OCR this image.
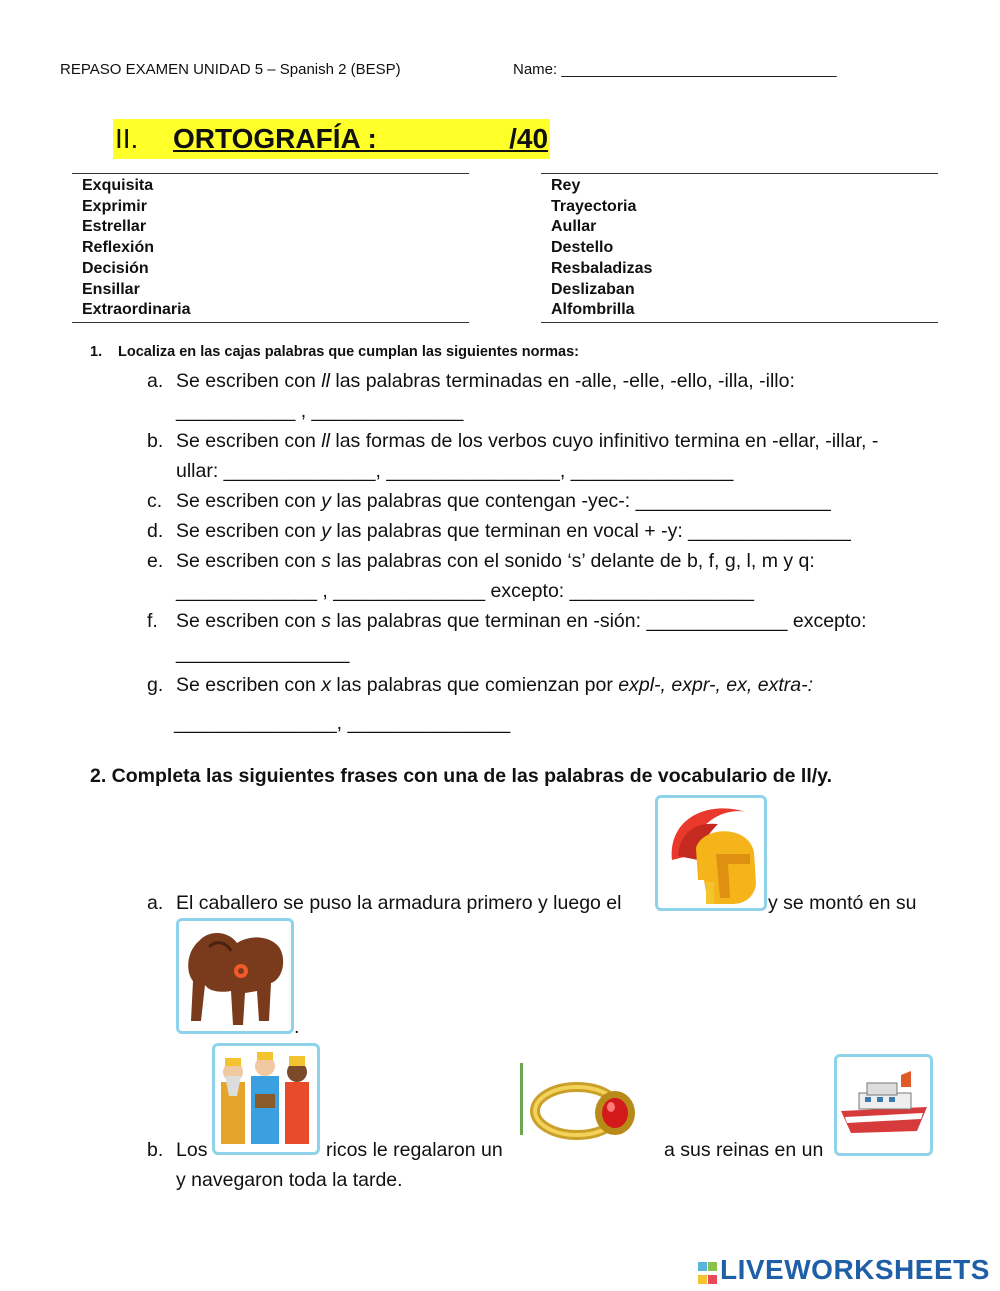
REPASO EXAMEN UNIDAD 5 – Spanish 2 (BESP)	Name: _________________________________
II. ORTOGRAFÍA : ________/40
Exquisita
Exprimir
Estrellar
Reflexión
Decisión
Ensillar
Extraordinaria
Rey
Trayectoria
Aullar
Destello
Resbaladizas
Deslizaban
Alfombrilla
1. Localiza en las cajas palabras que cumplan las siguientes normas:
a. Se escriben con ll las palabras terminadas en -alle, -elle, -ello, -illa, -illo:
___________ , ______________
b. Se escriben con ll las formas de los verbos cuyo infinitivo termina en -ellar, -illar, -
ullar: ______________, ________________, _______________
c. Se escriben con y las palabras que contengan -yec-: __________________
d. Se escriben con y las palabras que terminan en vocal + -y: _______________
e. Se escriben con s las palabras con el sonido ‘s’ delante de b, f, g, l, m y q:
_____________ , ______________ excepto: _________________
f. Se escriben con s las palabras que terminan en -sión: _____________ excepto:
________________
g. Se escriben con x las palabras que comienzan por expl-, expr-, ex, extra-:
_______________, _______________
2. Completa las siguientes frases con una de las palabras de vocabulario de ll/y.
a. El caballero se puso la armadura primero y luego el	y se montó en su
.
b. Los	ricos le regalaron un	a sus reinas en un
y navegaron toda la tarde.

LIVEWORKSHEETS
